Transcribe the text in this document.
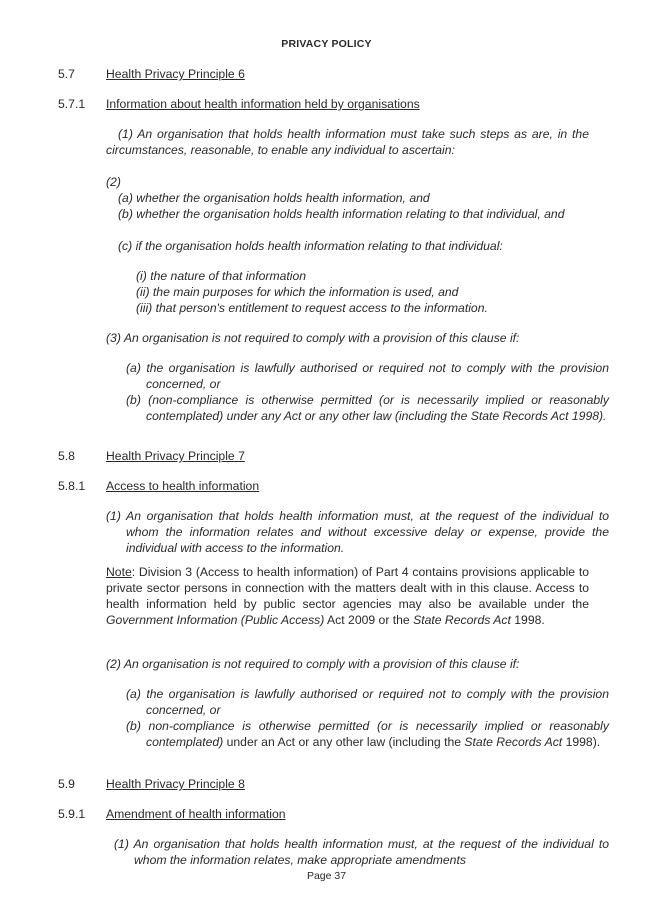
PRIVACY POLICY
5.7	Health Privacy Principle 6
5.7.1 Information about health information held by organisations
(1) An organisation that holds health information must take such steps as are, in the circumstances, reasonable, to enable any individual to ascertain:
(2)
(a) whether the organisation holds health information, and
(b) whether the organisation holds health information relating to that individual, and
(c) if the organisation holds health information relating to that individual:
(i) the nature of that information
(ii) the main purposes for which the information is used, and
(iii) that person's entitlement to request access to the information.
(3) An organisation is not required to comply with a provision of this clause if:
(a) the organisation is lawfully authorised or required not to comply with the provision concerned, or
(b) (non-compliance is otherwise permitted (or is necessarily implied or reasonably contemplated) under any Act or any other law (including the State Records Act 1998).
5.8	Health Privacy Principle 7
5.8.1 Access to health information
(1) An organisation that holds health information must, at the request of the individual to whom the information relates and without excessive delay or expense, provide the individual with access to the information.
Note: Division 3 (Access to health information) of Part 4 contains provisions applicable to private sector persons in connection with the matters dealt with in this clause. Access to health information held by public sector agencies may also be available under the Government Information (Public Access) Act 2009 or the State Records Act 1998.
(2) An organisation is not required to comply with a provision of this clause if:
(a) the organisation is lawfully authorised or required not to comply with the provision concerned, or
(b) non-compliance is otherwise permitted (or is necessarily implied or reasonably contemplated) under an Act or any other law (including the State Records Act 1998).
5.9	Health Privacy Principle 8
5.9.1 Amendment of health information
(1) An organisation that holds health information must, at the request of the individual to whom the information relates, make appropriate amendments
Page 37
